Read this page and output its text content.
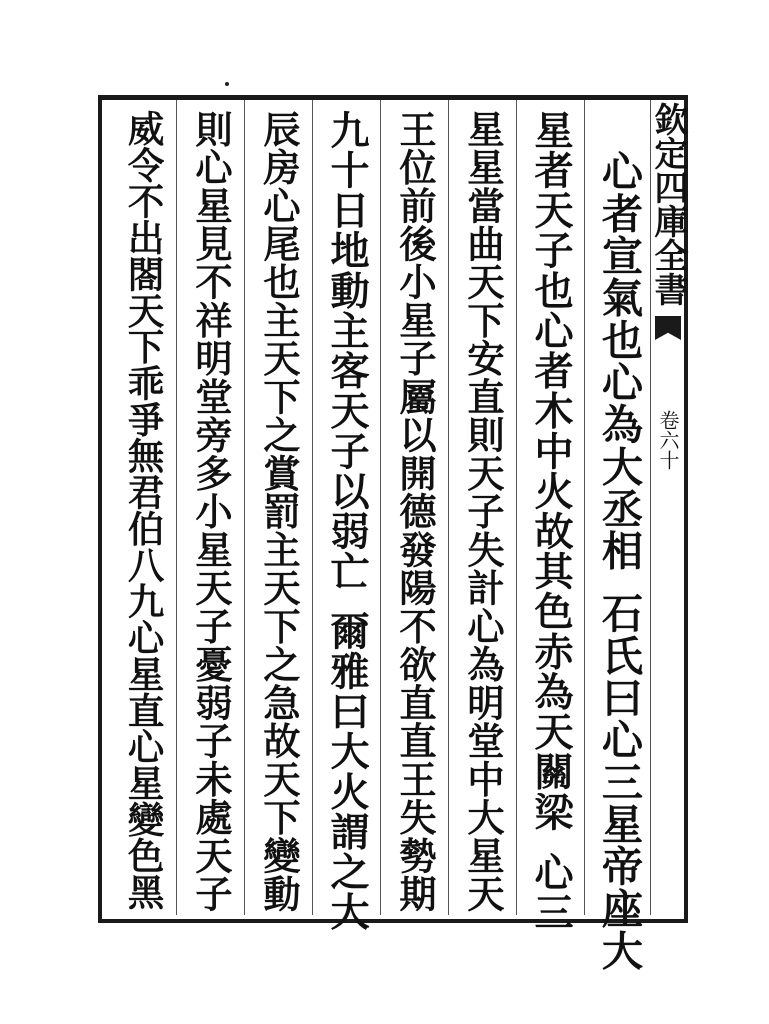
欽定四庫全書
卷六十
心者宣氣也心為大丞相
石氏曰心三星帝座大
星者天子也心者木中火故其色赤為天關梁
心三
星星當曲天下安直則天子失計心為明堂中大星天
王位前後小星子屬以開德發陽不欲直直王失勢期
九十日地動主客天子以弱亡
爾雅曰大火謂之大
辰房心尾也主天下之賞罰主天下之急故天下變動
則心星見不祥明堂旁多小星天子憂弱子未處天子
威令不出閤天下乖爭無君伯八九心星直心星變色黑
